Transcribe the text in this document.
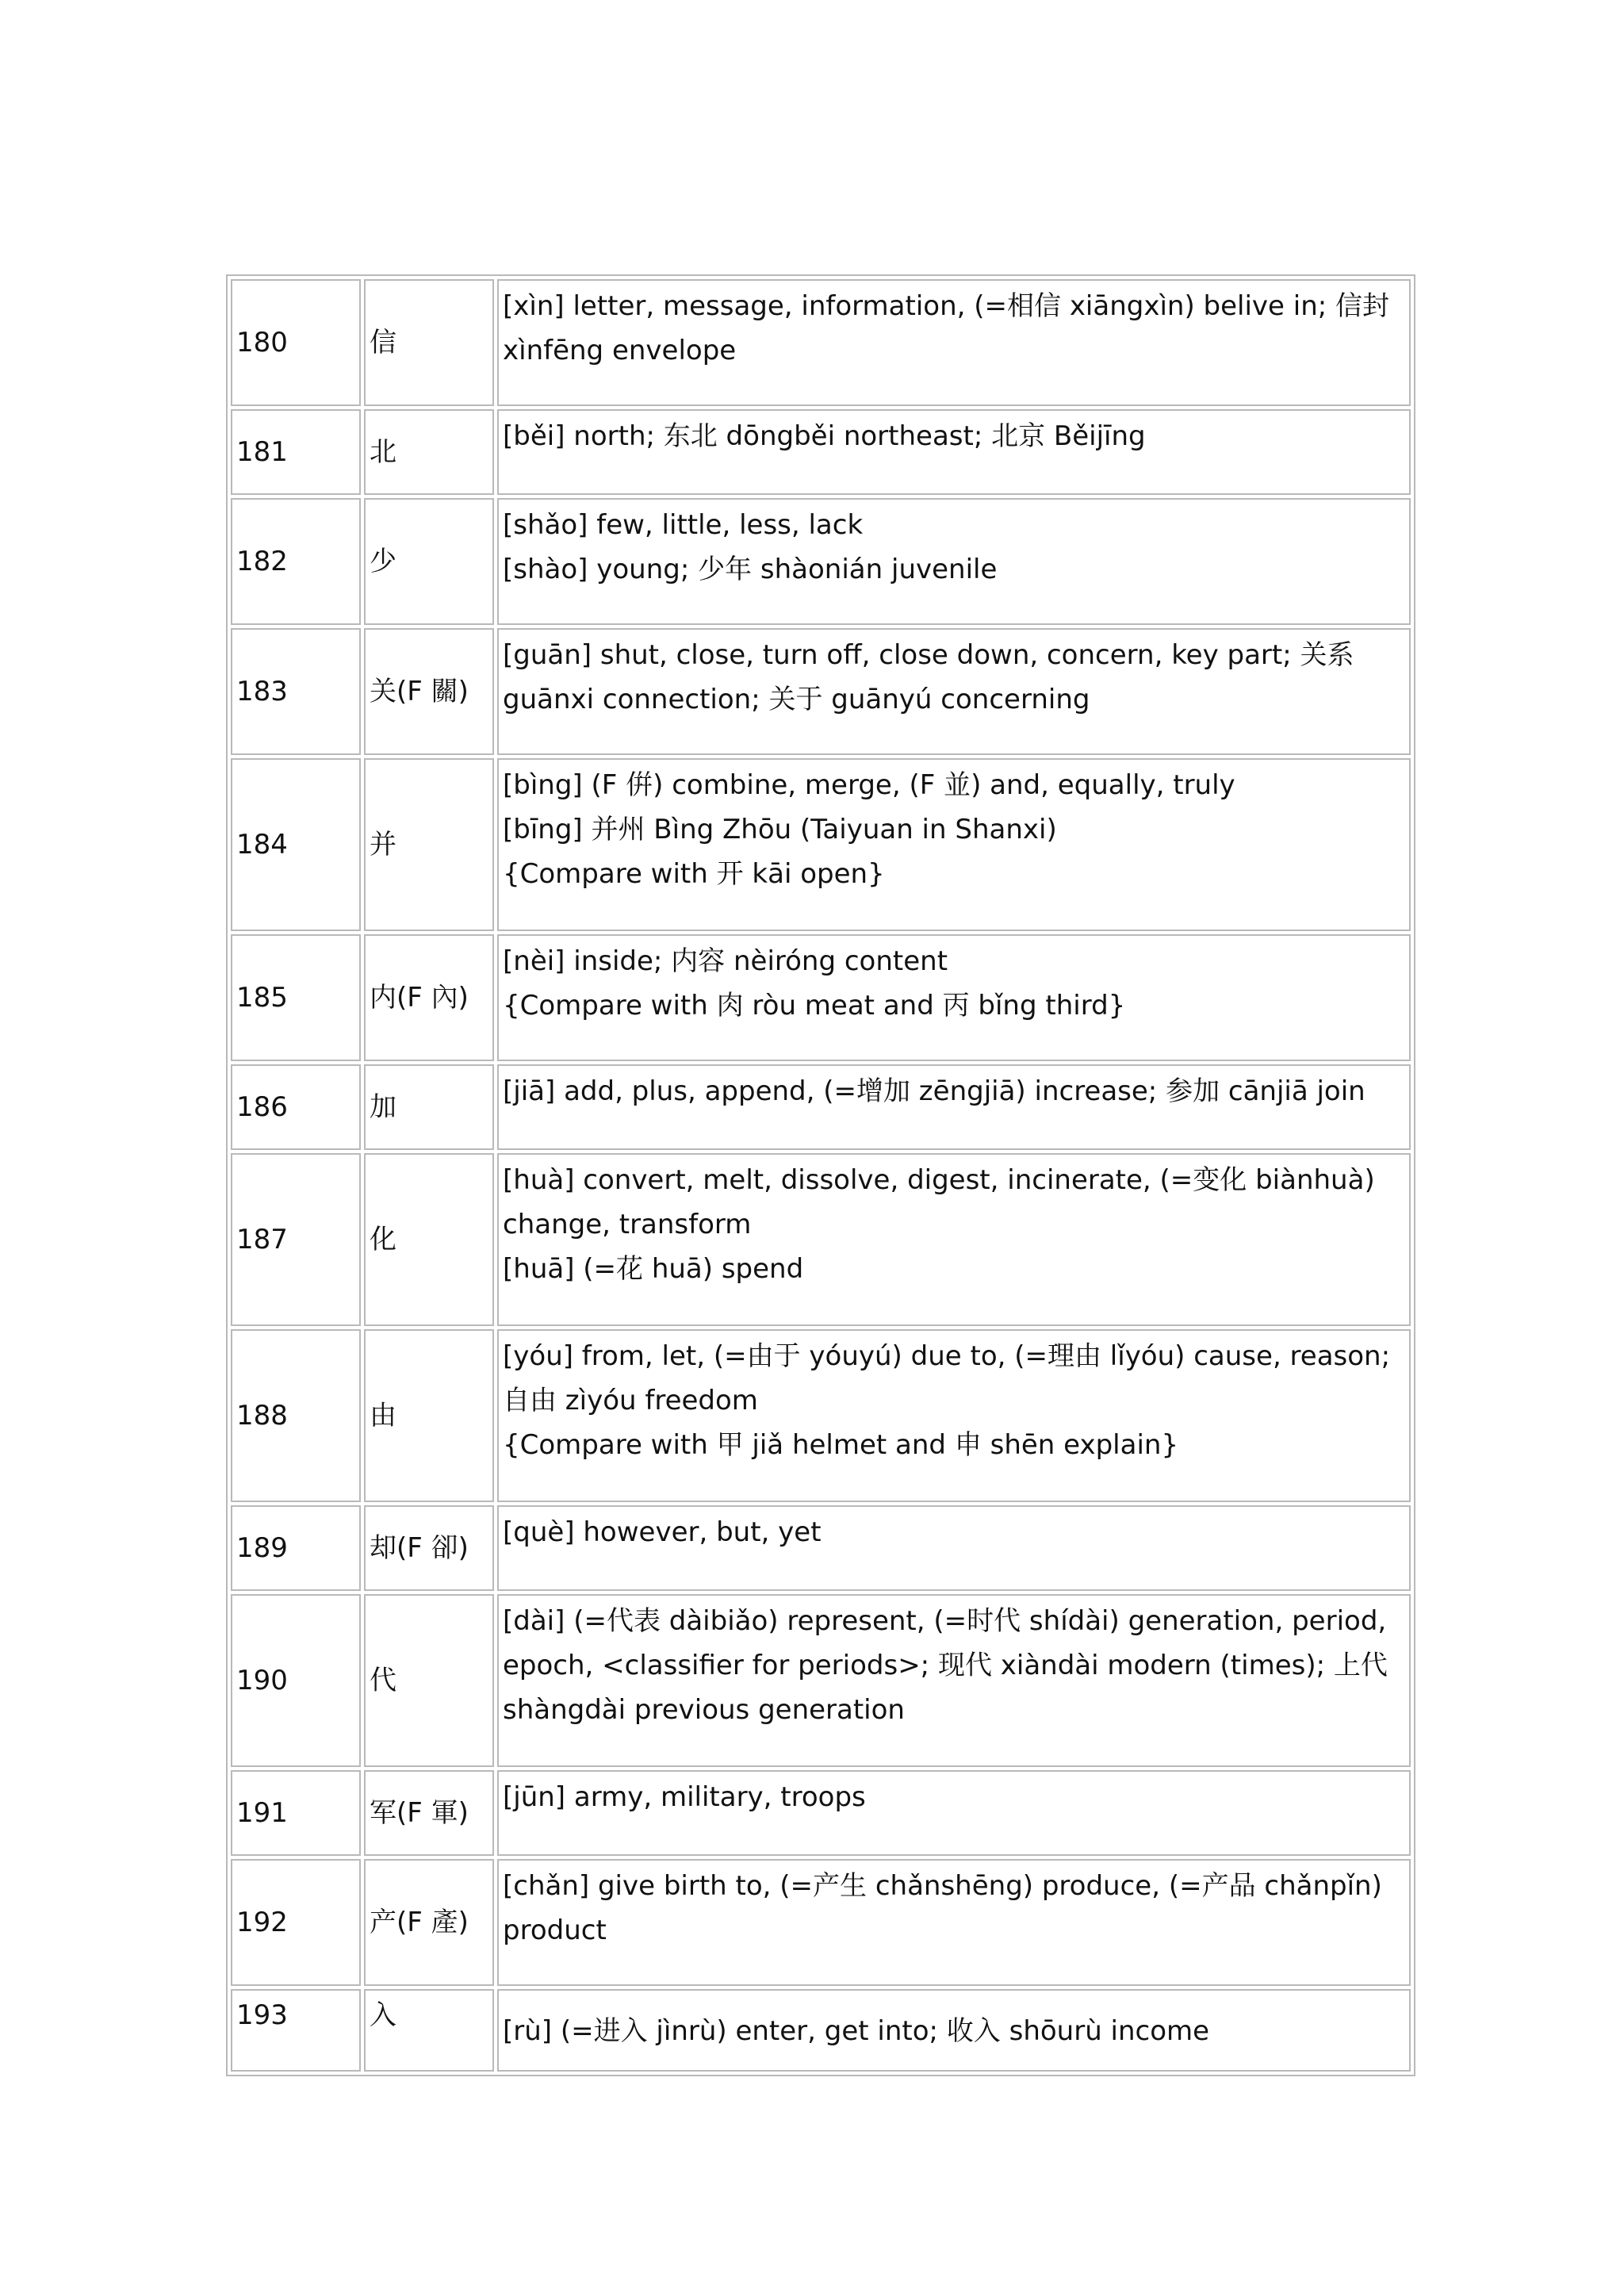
180	信	[xìn] letter, message, information, (=相信 xiāngxìn) belive in; 信封 xìnfēng envelope

181	北	[běi] north; 东北 dōngběi northeast; 北京 Běijīng

182	少	[shǎo] few, little, less, lack
[shào] young; 少年 shàonián juvenile

183	关(F 關)	[guān] shut, close, turn off, close down, concern, key part; 关系 guānxi connection; 关于 guānyú concerning

184	并	[bìng] (F 倂) combine, merge, (F 並) and, equally, truly
[bīng] 并州 Bìng Zhōu (Taiyuan in Shanxi)
{Compare with 开 kāi open}

185	内(F 內)	[nèi] inside; 内容 nèiróng content
{Compare with 肉 ròu meat and 丙 bǐng third}

186	加	[jiā] add, plus, append, (=增加 zēngjiā) increase; 参加 cānjiā join

187	化	[huà] convert, melt, dissolve, digest, incinerate, (=变化 biànhuà) change, transform
[huā] (=花 huā) spend

188	由	[yóu] from, let, (=由于 yóuyú) due to, (=理由 lǐyóu) cause, reason; 自由 zìyóu freedom
{Compare with 甲 jiǎ helmet and 申 shēn explain}

189	却(F 卻)	[què] however, but, yet

190	代	[dài] (=代表 dàibiǎo) represent, (=时代 shídài) generation, period, epoch, <classifier for periods>; 现代 xiàndài modern (times); 上代 shàngdài previous generation

191	军(F 軍)	[jūn] army, military, troops

192	产(F 產)	[chǎn] give birth to, (=产生 chǎnshēng) produce, (=产品 chǎnpǐn) product

193	入	[rù] (=进入 jìnrù) enter, get into; 收入 shōurù income
